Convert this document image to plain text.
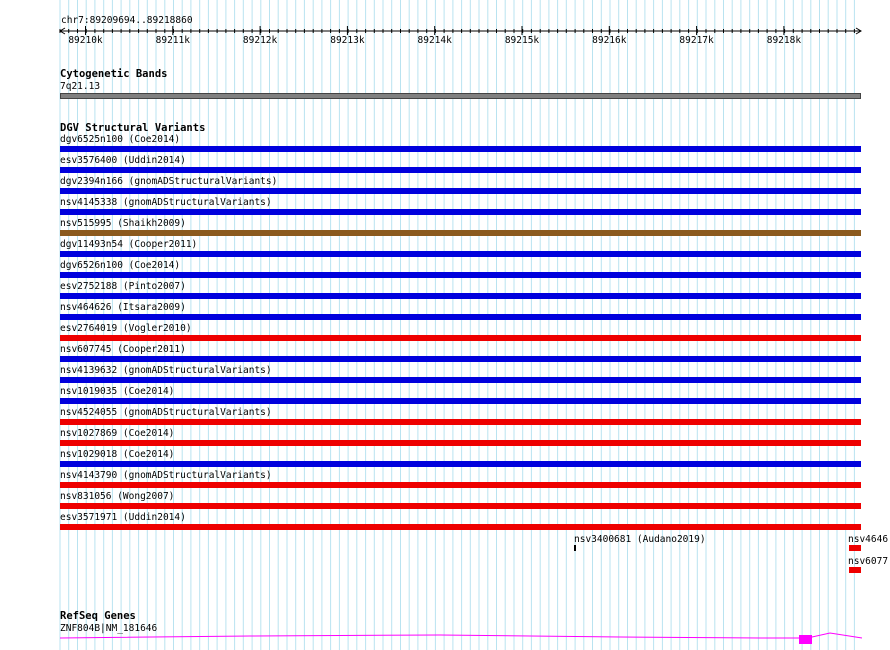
chr7:89209694..89218860
89210k	89211k	89212k	89213k	89214k	89215k	89216k	89217k	89218k
Cytogenetic Bands
7q21.13
DGV Structural Variants
dgv6525n100 (Coe2014)
esv3576400 (Uddin2014)
dgv2394n166 (gnomADStructuralVariants)
nsv4145338 (gnomADStructuralVariants)
nsv515995 (Shaikh2009)
dgv11493n54 (Cooper2011)
dgv6526n100 (Coe2014)
esv2752188 (Pinto2007)
nsv464626 (Itsara2009)
esv2764019 (Vogler2010)
nsv607745 (Cooper2011)
nsv4139632 (gnomADStructuralVariants)
nsv1019035 (Coe2014)
nsv4524055 (gnomADStructuralVariants)
nsv1027869 (Coe2014)
nsv1029018 (Coe2014)
nsv4143790 (gnomADStructuralVariants)
nsv831056 (Wong2007)
esv3571971 (Uddin2014)
nsv3400681 (Audano2019)	nsv4646
nsv6077
RefSeq Genes
ZNF804B|NM_181646
